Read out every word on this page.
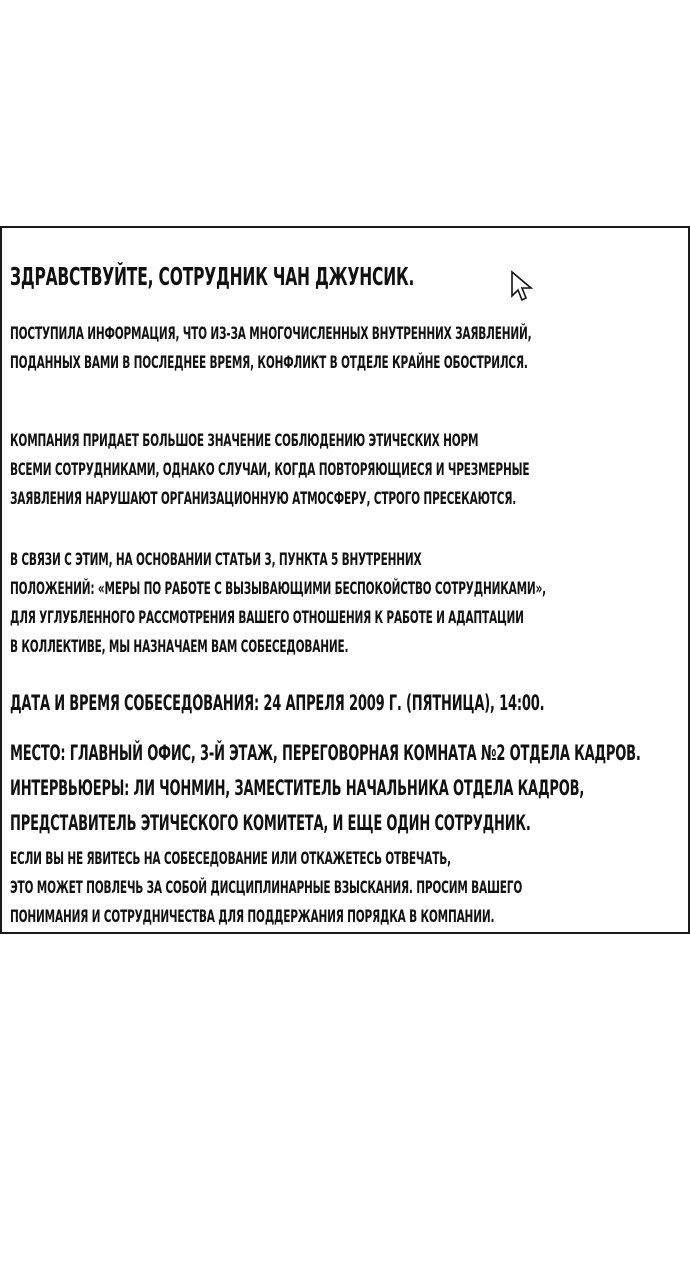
ЗДРАВСТВУЙТЕ, СОТРУДНИК ЧАН ДЖУНСИК.
ПОСТУПИЛА ИНФОРМАЦИЯ, ЧТО ИЗ-ЗА МНОГОЧИСЛЕННЫХ ВНУТРЕННИХ ЗАЯВЛЕНИЙ,
ПОДАННЫХ ВАМИ В ПОСЛЕДНЕЕ ВРЕМЯ, КОНФЛИКТ В ОТДЕЛЕ КРАЙНЕ ОБОСТРИЛСЯ.
КОМПАНИЯ ПРИДАЕТ БОЛЬШОЕ ЗНАЧЕНИЕ СОБЛЮДЕНИЮ ЭТИЧЕСКИХ НОРМ
ВСЕМИ СОТРУДНИКАМИ, ОДНАКО СЛУЧАИ, КОГДА ПОВТОРЯЮЩИЕСЯ И ЧРЕЗМЕРНЫЕ
ЗАЯВЛЕНИЯ НАРУШАЮТ ОРГАНИЗАЦИОННУЮ АТМОСФЕРУ, СТРОГО ПРЕСЕКАЮТСЯ.
В СВЯЗИ С ЭТИМ, НА ОСНОВАНИИ СТАТЬИ 3, ПУНКТА 5 ВНУТРЕННИХ
ПОЛОЖЕНИЙ: «МЕРЫ ПО РАБОТЕ С ВЫЗЫВАЮЩИМИ БЕСПОКОЙСТВО СОТРУДНИКАМИ»,
ДЛЯ УГЛУБЛЕННОГО РАССМОТРЕНИЯ ВАШЕГО ОТНОШЕНИЯ К РАБОТЕ И АДАПТАЦИИ
В КОЛЛЕКТИВЕ, МЫ НАЗНАЧАЕМ ВАМ СОБЕСЕДОВАНИЕ.
ДАТА И ВРЕМЯ СОБЕСЕДОВАНИЯ: 24 АПРЕЛЯ 2009 Г. (ПЯТНИЦА), 14:00.
МЕСТО: ГЛАВНЫЙ ОФИС, 3-Й ЭТАЖ, ПЕРЕГОВОРНАЯ КОМНАТА №2 ОТДЕЛА КАДРОВ.
ИНТЕРВЬЮЕРЫ: ЛИ ЧОНМИН, ЗАМЕСТИТЕЛЬ НАЧАЛЬНИКА ОТДЕЛА КАДРОВ,
ПРЕДСТАВИТЕЛЬ ЭТИЧЕСКОГО КОМИТЕТА, И ЕЩЕ ОДИН СОТРУДНИК.
ЕСЛИ ВЫ НЕ ЯВИТЕСЬ НА СОБЕСЕДОВАНИЕ ИЛИ ОТКАЖЕТЕСЬ ОТВЕЧАТЬ,
ЭТО МОЖЕТ ПОВЛЕЧЬ ЗА СОБОЙ ДИСЦИПЛИНАРНЫЕ ВЗЫСКАНИЯ. ПРОСИМ ВАШЕГО
ПОНИМАНИЯ И СОТРУДНИЧЕСТВА ДЛЯ ПОДДЕРЖАНИЯ ПОРЯДКА В КОМПАНИИ.
